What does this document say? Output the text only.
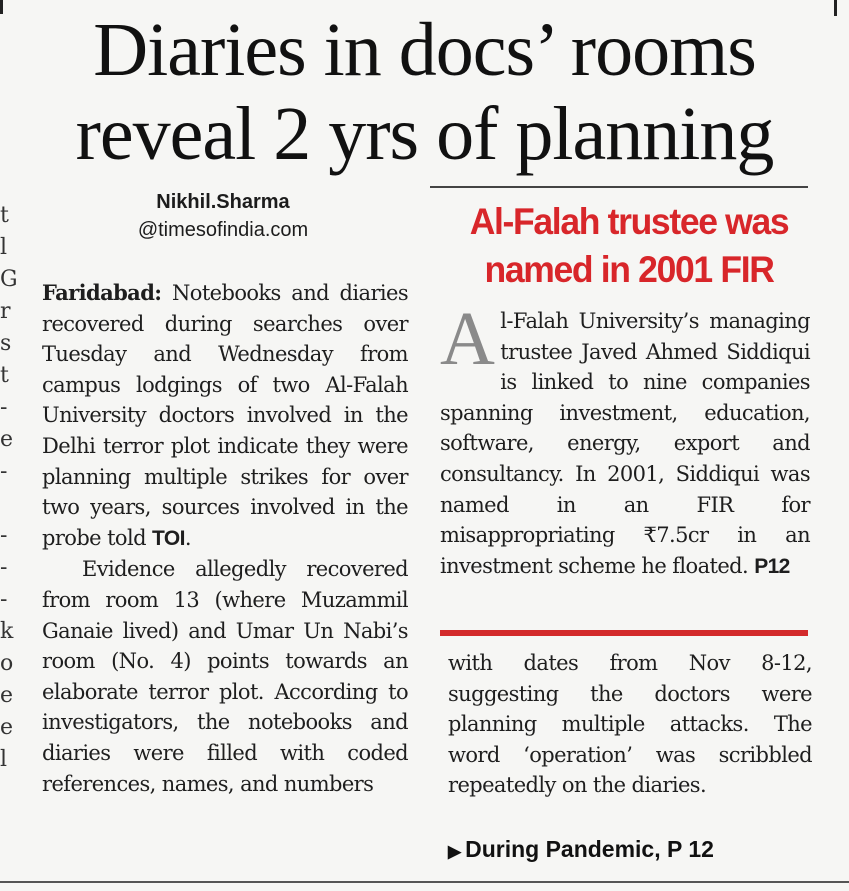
t
l
G
r
s
t
-
e
-
-
-
-
k
o
e
e
l
Diaries in docs’ rooms
reveal 2 yrs of planning
Nikhil.Sharma
@timesofindia.com

Faridabad: Notebooks and diaries recovered during searches over Tuesday and Wednesday from campus lodgings of two Al-Falah University doctors involved in the Delhi terror plot indicate they were planning multiple strikes for over two years, sources involved in the probe told TOI.

Evidence allegedly recovered from room 13 (where Muzammil Ganaie lived) and Umar Un Nabi’s room (No. 4) points towards an elaborate terror plot. According to investigators, the notebooks and diaries were filled with coded references, names, and numbers

Al-Falah trustee was named in 2001 FIR

A l-Falah University’s managing trustee Javed Ahmed Siddiqui is linked to nine companies spanning investment, education, software, energy, export and consultancy. In 2001, Siddiqui was named in an FIR for misappropriating ₹7.5cr in an investment scheme he floated. P12

with dates from Nov 8-12, suggesting the doctors were planning multiple attacks. The word ‘operation’ was scribbled repeatedly on the diaries.

▶ During Pandemic, P 12
